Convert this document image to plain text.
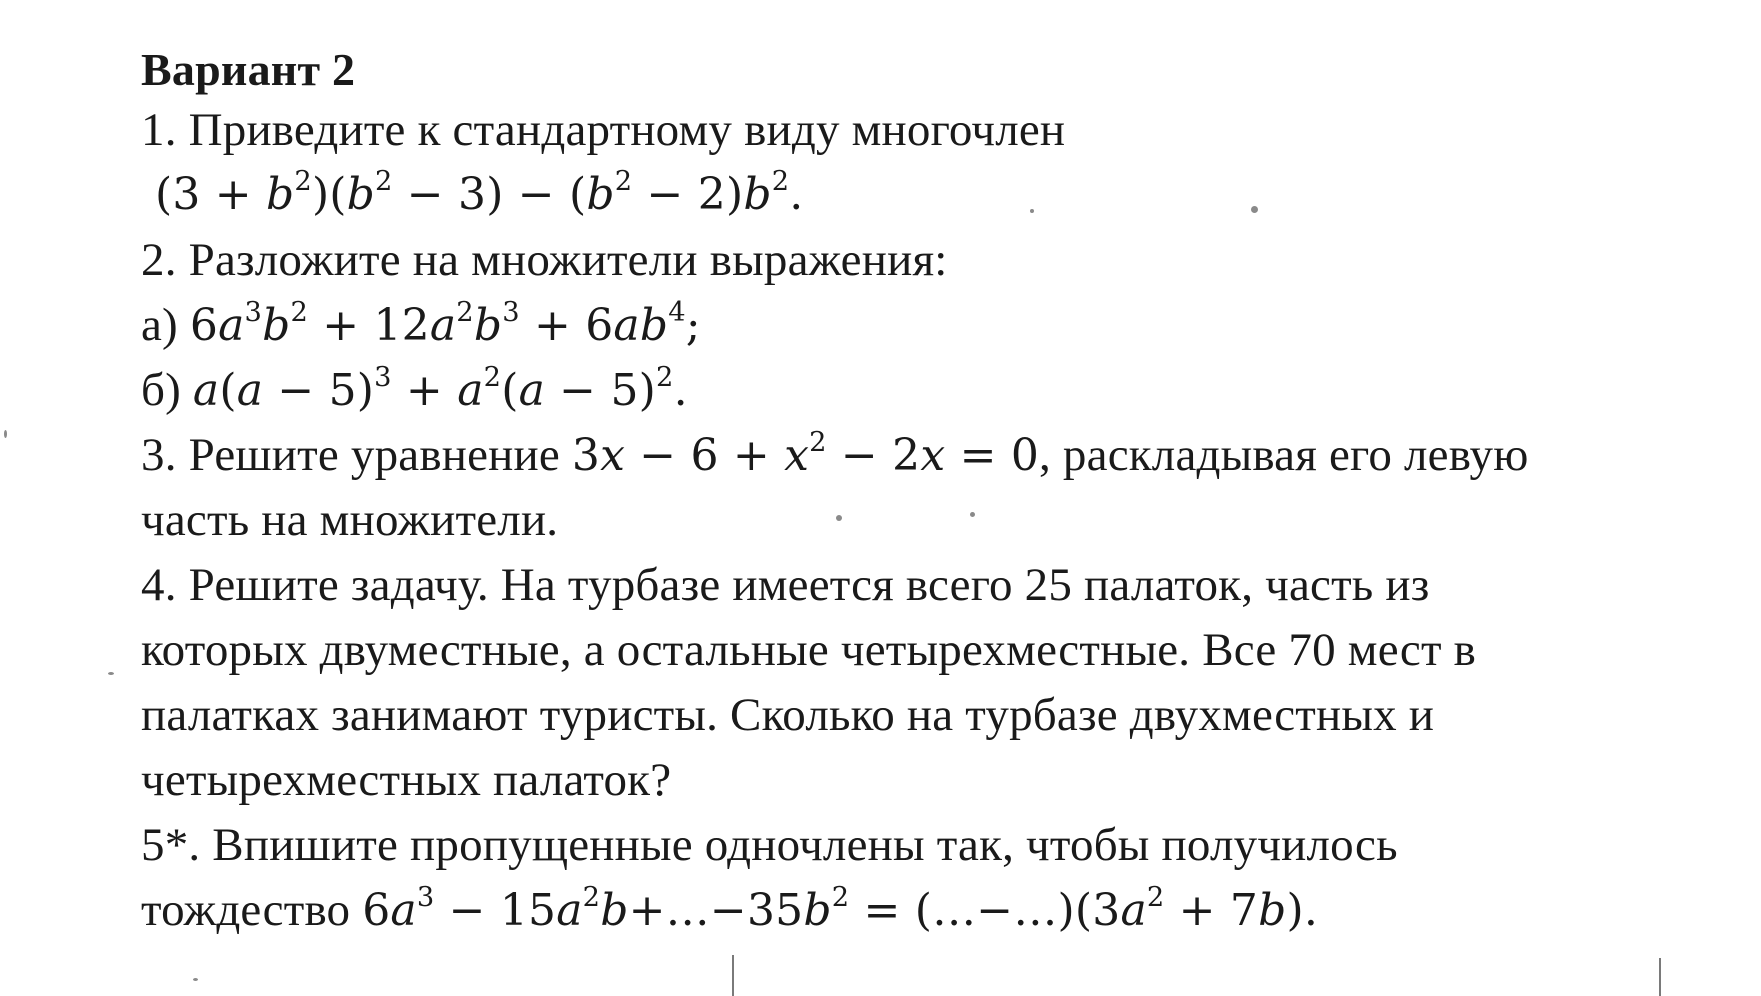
Вариант 2
1. Приведите к стандартному виду многочлен
$(3 + b^2)(b^2 - 3) - (b^2 - 2)b^2$.
2. Разложите на множители выражения:
а) $6a^3b^2 + 12a^2b^3 + 6ab^4$;
б) $a(a - 5)^3 + a^2(a - 5)^2$.
3. Решите уравнение $3x - 6 + x^2 - 2x = 0$, раскладывая его левую
часть на множители.
4. Решите задачу. На турбазе имеется всего 25 палаток, часть из
которых двуместные, а остальные четырехместные. Все 70 мест в
палатках занимают туристы. Сколько на турбазе двухместных и
четырехместных палаток?
5*. Впишите пропущенные одночлены так, чтобы получилось
тождество $6a^3$ − $15a^2b+\dots-35b^2$ = $(\dots-\dots)(3a^2 + 7b)$.
